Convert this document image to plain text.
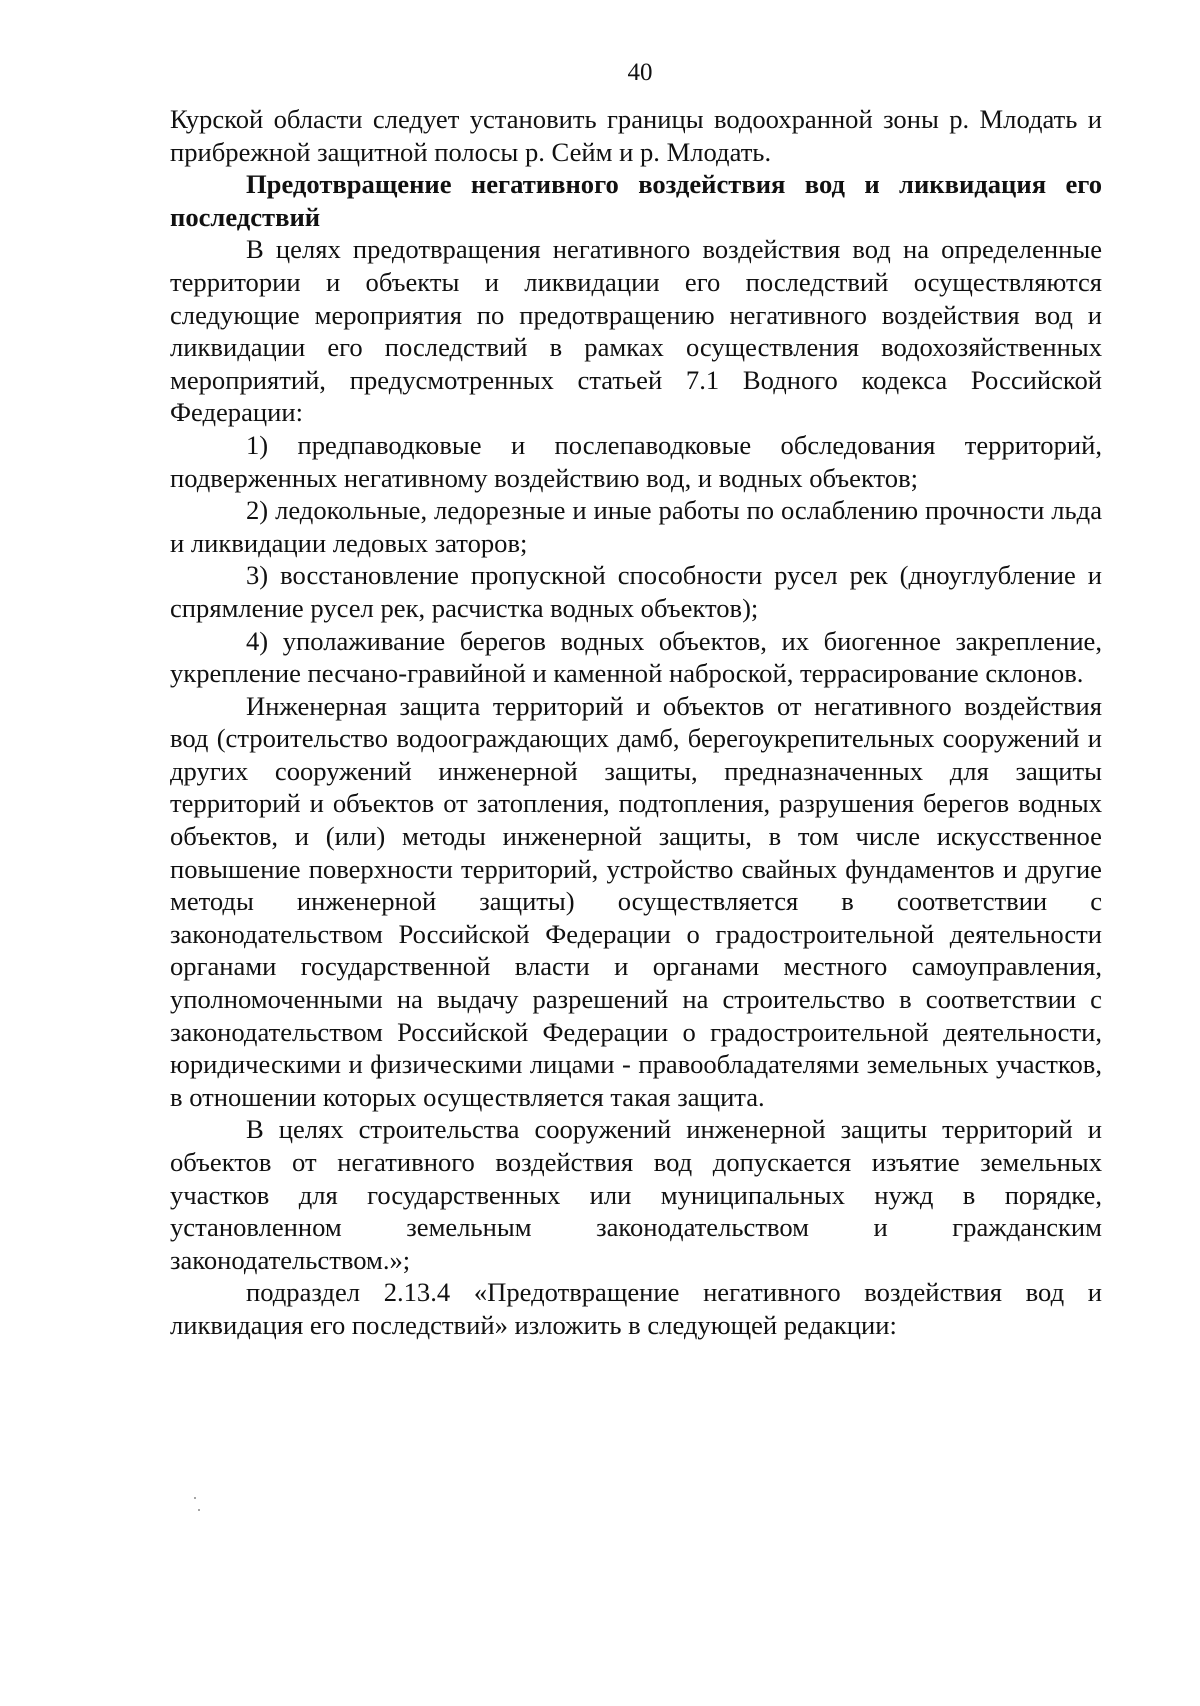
40

Курской области следует установить границы водоохранной зоны р. Млодать и прибрежной защитной полосы р. Сейм и р. Млодать.

Предотвращение негативного воздействия вод и ликвидация его последствий

В целях предотвращения негативного воздействия вод на определенные территории и объекты и ликвидации его последствий осуществляются следующие мероприятия по предотвращению негативного воздействия вод и ликвидации его последствий в рамках осуществления водохозяйственных мероприятий, предусмотренных статьей 7.1 Водного кодекса Российской Федерации:

1) предпаводковые и послепаводковые обследования территорий, подверженных негативному воздействию вод, и водных объектов;

2) ледокольные, ледорезные и иные работы по ослаблению прочности льда и ликвидации ледовых заторов;

3) восстановление пропускной способности русел рек (дноуглубление и спрямление русел рек, расчистка водных объектов);

4) уполаживание берегов водных объектов, их биогенное закрепление, укрепление песчано-гравийной и каменной наброской, террасирование склонов.

Инженерная защита территорий и объектов от негативного воздействия вод (строительство водоограждающих дамб, берегоукрепительных сооружений и других сооружений инженерной защиты, предназначенных для защиты территорий и объектов от затопления, подтопления, разрушения берегов водных объектов, и (или) методы инженерной защиты, в том числе искусственное повышение поверхности территорий, устройство свайных фундаментов и другие методы инженерной защиты) осуществляется в соответствии с законодательством Российской Федерации о градостроительной деятельности органами государственной власти и органами местного самоуправления, уполномоченными на выдачу разрешений на строительство в соответствии с законодательством Российской Федерации о градостроительной деятельности, юридическими и физическими лицами - правообладателями земельных участков, в отношении которых осуществляется такая защита.

В целях строительства сооружений инженерной защиты территорий и объектов от негативного воздействия вод допускается изъятие земельных участков для государственных или муниципальных нужд в порядке, установленном земельным законодательством и гражданским законодательством.»;

подраздел 2.13.4 «Предотвращение негативного воздействия вод и ликвидация его последствий» изложить в следующей редакции:
